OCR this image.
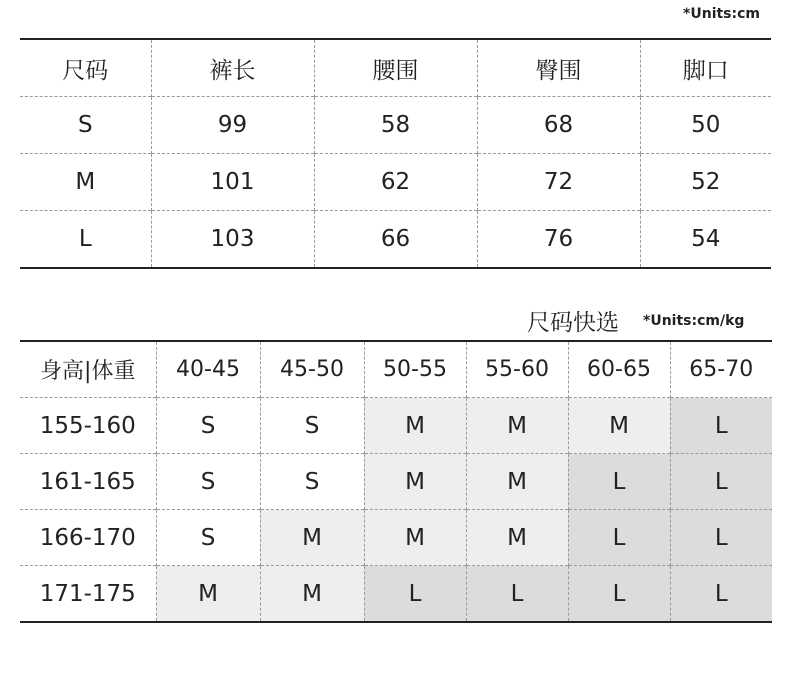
*Units:cm
尺码	裤长	腰围	臀围	脚口
S	99	58	68	50
M	101	62	72	52
L	103	66	76	54
尺码快选 *Units:cm/kg
身高|体重	40-45	45-50	50-55	55-60	60-65	65-70
155-160	S	S	M	M	M	L
161-165	S	S	M	M	L	L
166-170	S	M	M	M	L	L
171-175	M	M	L	L	L	L
